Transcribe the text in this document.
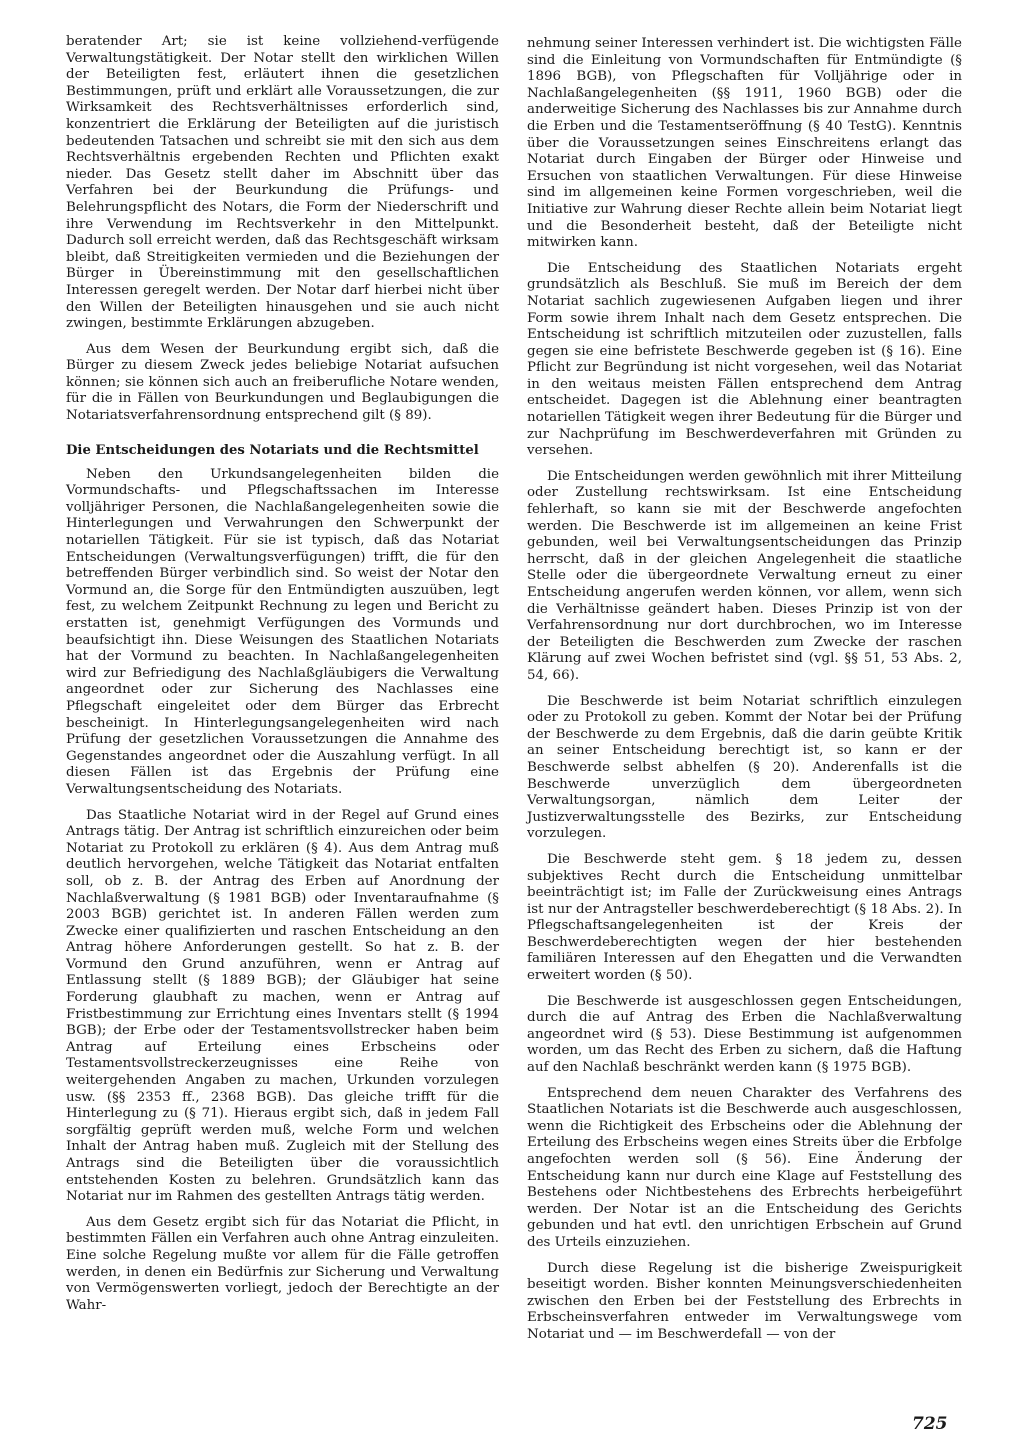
beratender Art; sie ist keine vollziehend-verfügende Verwaltungstätigkeit. Der Notar stellt den wirklichen Willen der Beteiligten fest, erläutert ihnen die gesetzlichen Bestimmungen, prüft und erklärt alle Voraussetzungen, die zur Wirksamkeit des Rechtsverhältnisses erforderlich sind, konzentriert die Erklärung der Beteiligten auf die juristisch bedeutenden Tatsachen und schreibt sie mit den sich aus dem Rechtsverhältnis ergebenden Rechten und Pflichten exakt nieder. Das Gesetz stellt daher im Abschnitt über das Verfahren bei der Beurkundung die Prüfungs- und Belehrungspflicht des Notars, die Form der Niederschrift und ihre Verwendung im Rechtsverkehr in den Mittelpunkt. Dadurch soll erreicht werden, daß das Rechtsgeschäft wirksam bleibt, daß Streitigkeiten vermieden und die Beziehungen der Bürger in Übereinstimmung mit den gesellschaftlichen Interessen geregelt werden. Der Notar darf hierbei nicht über den Willen der Beteiligten hinausgehen und sie auch nicht zwingen, bestimmte Erklärungen abzugeben.

Aus dem Wesen der Beurkundung ergibt sich, daß die Bürger zu diesem Zweck jedes beliebige Notariat aufsuchen können; sie können sich auch an freiberufliche Notare wenden, für die in Fällen von Beurkundungen und Beglaubigungen die Notariatsverfahrensordnung entsprechend gilt (§ 89).

Die Entscheidungen des Notariats und die Rechtsmittel

Neben den Urkundsangelegenheiten bilden die Vormundschafts- und Pflegschaftssachen im Interesse volljähriger Personen, die Nachlaßangelegenheiten sowie die Hinterlegungen und Verwahrungen den Schwerpunkt der notariellen Tätigkeit. Für sie ist typisch, daß das Notariat Entscheidungen (Verwaltungsverfügungen) trifft, die für den betreffenden Bürger verbindlich sind. So weist der Notar den Vormund an, die Sorge für den Entmündigten auszuüben, legt fest, zu welchem Zeitpunkt Rechnung zu legen und Bericht zu erstatten ist, genehmigt Verfügungen des Vormunds und beaufsichtigt ihn. Diese Weisungen des Staatlichen Notariats hat der Vormund zu beachten. In Nachlaßangelegenheiten wird zur Befriedigung des Nachlaßgläubigers die Verwaltung angeordnet oder zur Sicherung des Nachlasses eine Pflegschaft eingeleitet oder dem Bürger das Erbrecht bescheinigt. In Hinterlegungsangelegenheiten wird nach Prüfung der gesetzlichen Voraussetzungen die Annahme des Gegenstandes angeordnet oder die Auszahlung verfügt. In all diesen Fällen ist das Ergebnis der Prüfung eine Verwaltungsentscheidung des Notariats.

Das Staatliche Notariat wird in der Regel auf Grund eines Antrags tätig. Der Antrag ist schriftlich einzureichen oder beim Notariat zu Protokoll zu erklären (§ 4). Aus dem Antrag muß deutlich hervorgehen, welche Tätigkeit das Notariat entfalten soll, ob z. B. der Antrag des Erben auf Anordnung der Nachlaßverwaltung (§ 1981 BGB) oder Inventaraufnahme (§ 2003 BGB) gerichtet ist. In anderen Fällen werden zum Zwecke einer qualifizierten und raschen Entscheidung an den Antrag höhere Anforderungen gestellt. So hat z. B. der Vormund den Grund anzuführen, wenn er Antrag auf Entlassung stellt (§ 1889 BGB); der Gläubiger hat seine Forderung glaubhaft zu machen, wenn er Antrag auf Fristbestimmung zur Errichtung eines Inventars stellt (§ 1994 BGB); der Erbe oder der Testamentsvollstrecker haben beim Antrag auf Erteilung eines Erbscheins oder Testamentsvollstreckerzeugnisses eine Reihe von weitergehenden Angaben zu machen, Urkunden vorzulegen usw. (§§ 2353 ff., 2368 BGB). Das gleiche trifft für die Hinterlegung zu (§ 71). Hieraus ergibt sich, daß in jedem Fall sorgfältig geprüft werden muß, welche Form und welchen Inhalt der Antrag haben muß. Zugleich mit der Stellung des Antrags sind die Beteiligten über die voraussichtlich entstehenden Kosten zu belehren. Grundsätzlich kann das Notariat nur im Rahmen des gestellten Antrags tätig werden.

Aus dem Gesetz ergibt sich für das Notariat die Pflicht, in bestimmten Fällen ein Verfahren auch ohne Antrag einzuleiten. Eine solche Regelung mußte vor allem für die Fälle getroffen werden, in denen ein Bedürfnis zur Sicherung und Verwaltung von Vermögenswerten vorliegt, jedoch der Berechtigte an der Wahr-

nehmung seiner Interessen verhindert ist. Die wichtigsten Fälle sind die Einleitung von Vormundschaften für Entmündigte (§ 1896 BGB), von Pflegschaften für Volljährige oder in Nachlaßangelegenheiten (§§ 1911, 1960 BGB) oder die anderweitige Sicherung des Nachlasses bis zur Annahme durch die Erben und die Testamentseröffnung (§ 40 TestG). Kenntnis über die Voraussetzungen seines Einschreitens erlangt das Notariat durch Eingaben der Bürger oder Hinweise und Ersuchen von staatlichen Verwaltungen. Für diese Hinweise sind im allgemeinen keine Formen vorgeschrieben, weil die Initiative zur Wahrung dieser Rechte allein beim Notariat liegt und die Besonderheit besteht, daß der Beteiligte nicht mitwirken kann.

Die Entscheidung des Staatlichen Notariats ergeht grundsätzlich als Beschluß. Sie muß im Bereich der dem Notariat sachlich zugewiesenen Aufgaben liegen und ihrer Form sowie ihrem Inhalt nach dem Gesetz entsprechen. Die Entscheidung ist schriftlich mitzuteilen oder zuzustellen, falls gegen sie eine befristete Beschwerde gegeben ist (§ 16). Eine Pflicht zur Begründung ist nicht vorgesehen, weil das Notariat in den weitaus meisten Fällen entsprechend dem Antrag entscheidet. Dagegen ist die Ablehnung einer beantragten notariellen Tätigkeit wegen ihrer Bedeutung für die Bürger und zur Nachprüfung im Beschwerdeverfahren mit Gründen zu versehen.

Die Entscheidungen werden gewöhnlich mit ihrer Mitteilung oder Zustellung rechtswirksam. Ist eine Entscheidung fehlerhaft, so kann sie mit der Beschwerde angefochten werden. Die Beschwerde ist im allgemeinen an keine Frist gebunden, weil bei Verwaltungsentscheidungen das Prinzip herrscht, daß in der gleichen Angelegenheit die staatliche Stelle oder die übergeordnete Verwaltung erneut zu einer Entscheidung angerufen werden können, vor allem, wenn sich die Verhältnisse geändert haben. Dieses Prinzip ist von der Verfahrensordnung nur dort durchbrochen, wo im Interesse der Beteiligten die Beschwerden zum Zwecke der raschen Klärung auf zwei Wochen befristet sind (vgl. §§ 51, 53 Abs. 2, 54, 66).

Die Beschwerde ist beim Notariat schriftlich einzulegen oder zu Protokoll zu geben. Kommt der Notar bei der Prüfung der Beschwerde zu dem Ergebnis, daß die darin geübte Kritik an seiner Entscheidung berechtigt ist, so kann er der Beschwerde selbst abhelfen (§ 20). Anderenfalls ist die Beschwerde unverzüglich dem übergeordneten Verwaltungsorgan, nämlich dem Leiter der Justizverwaltungsstelle des Bezirks, zur Entscheidung vorzulegen.

Die Beschwerde steht gem. § 18 jedem zu, dessen subjektives Recht durch die Entscheidung unmittelbar beeinträchtigt ist; im Falle der Zurückweisung eines Antrags ist nur der Antragsteller beschwerdeberechtigt (§ 18 Abs. 2). In Pflegschaftsangelegenheiten ist der Kreis der Beschwerdeberechtigten wegen der hier bestehenden familiären Interessen auf den Ehegatten und die Verwandten erweitert worden (§ 50).

Die Beschwerde ist ausgeschlossen gegen Entscheidungen, durch die auf Antrag des Erben die Nachlaßverwaltung angeordnet wird (§ 53). Diese Bestimmung ist aufgenommen worden, um das Recht des Erben zu sichern, daß die Haftung auf den Nachlaß beschränkt werden kann (§ 1975 BGB).

Entsprechend dem neuen Charakter des Verfahrens des Staatlichen Notariats ist die Beschwerde auch ausgeschlossen, wenn die Richtigkeit des Erbscheins oder die Ablehnung der Erteilung des Erbscheins wegen eines Streits über die Erbfolge angefochten werden soll (§ 56). Eine Änderung der Entscheidung kann nur durch eine Klage auf Feststellung des Bestehens oder Nichtbestehens des Erbrechts herbeigeführt werden. Der Notar ist an die Entscheidung des Gerichts gebunden und hat evtl. den unrichtigen Erbschein auf Grund des Urteils einzuziehen.

Durch diese Regelung ist die bisherige Zweispurigkeit beseitigt worden. Bisher konnten Meinungsverschiedenheiten zwischen den Erben bei der Feststellung des Erbrechts in Erbscheinsverfahren entweder im Verwaltungswege vom Notariat und — im Beschwerdefall — von der

725
